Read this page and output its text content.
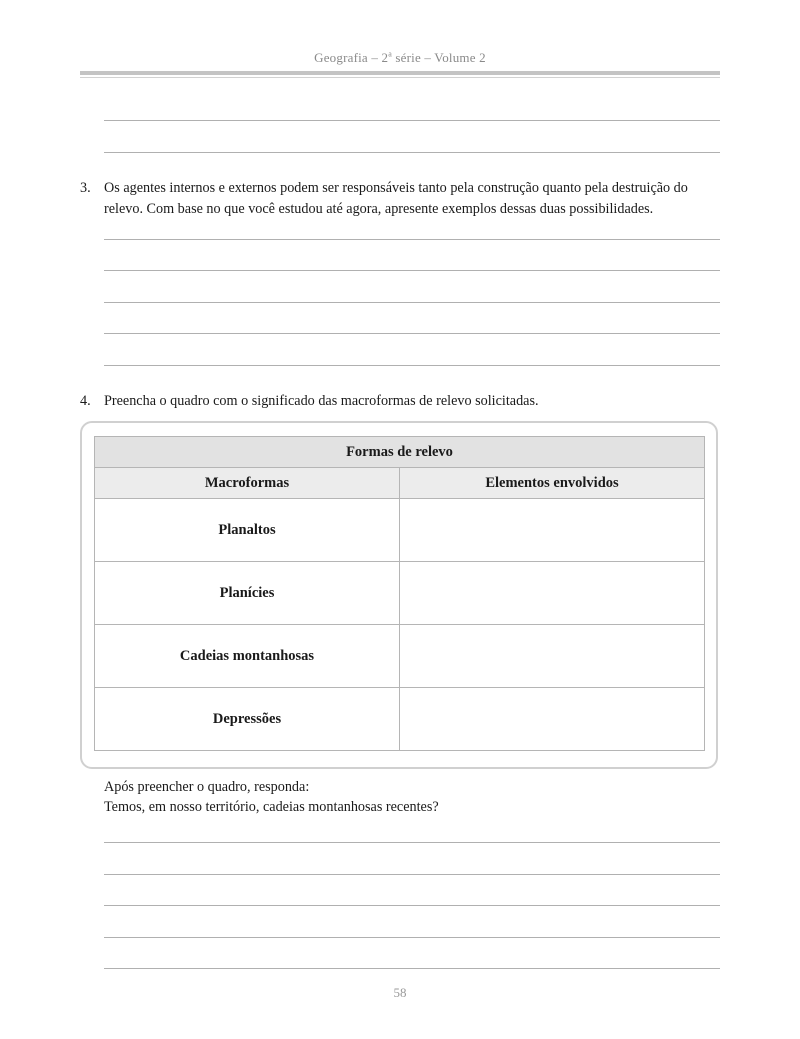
Geografia – 2$^a$ série – Volume 2
3. Os agentes internos e externos podem ser responsáveis tanto pela construção quanto pela destruição do relevo. Com base no que você estudou até agora, apresente exemplos dessas duas possibilidades.
4. Preencha o quadro com o significado das macroformas de relevo solicitadas.
Formas de relevo	
Macroformas	Elementos envolvidos
Planaltos	
Planícies	
Cadeias montanhosas	
Depressões	
Após preencher o quadro, responda:
Temos, em nosso território, cadeias montanhosas recentes?
58
